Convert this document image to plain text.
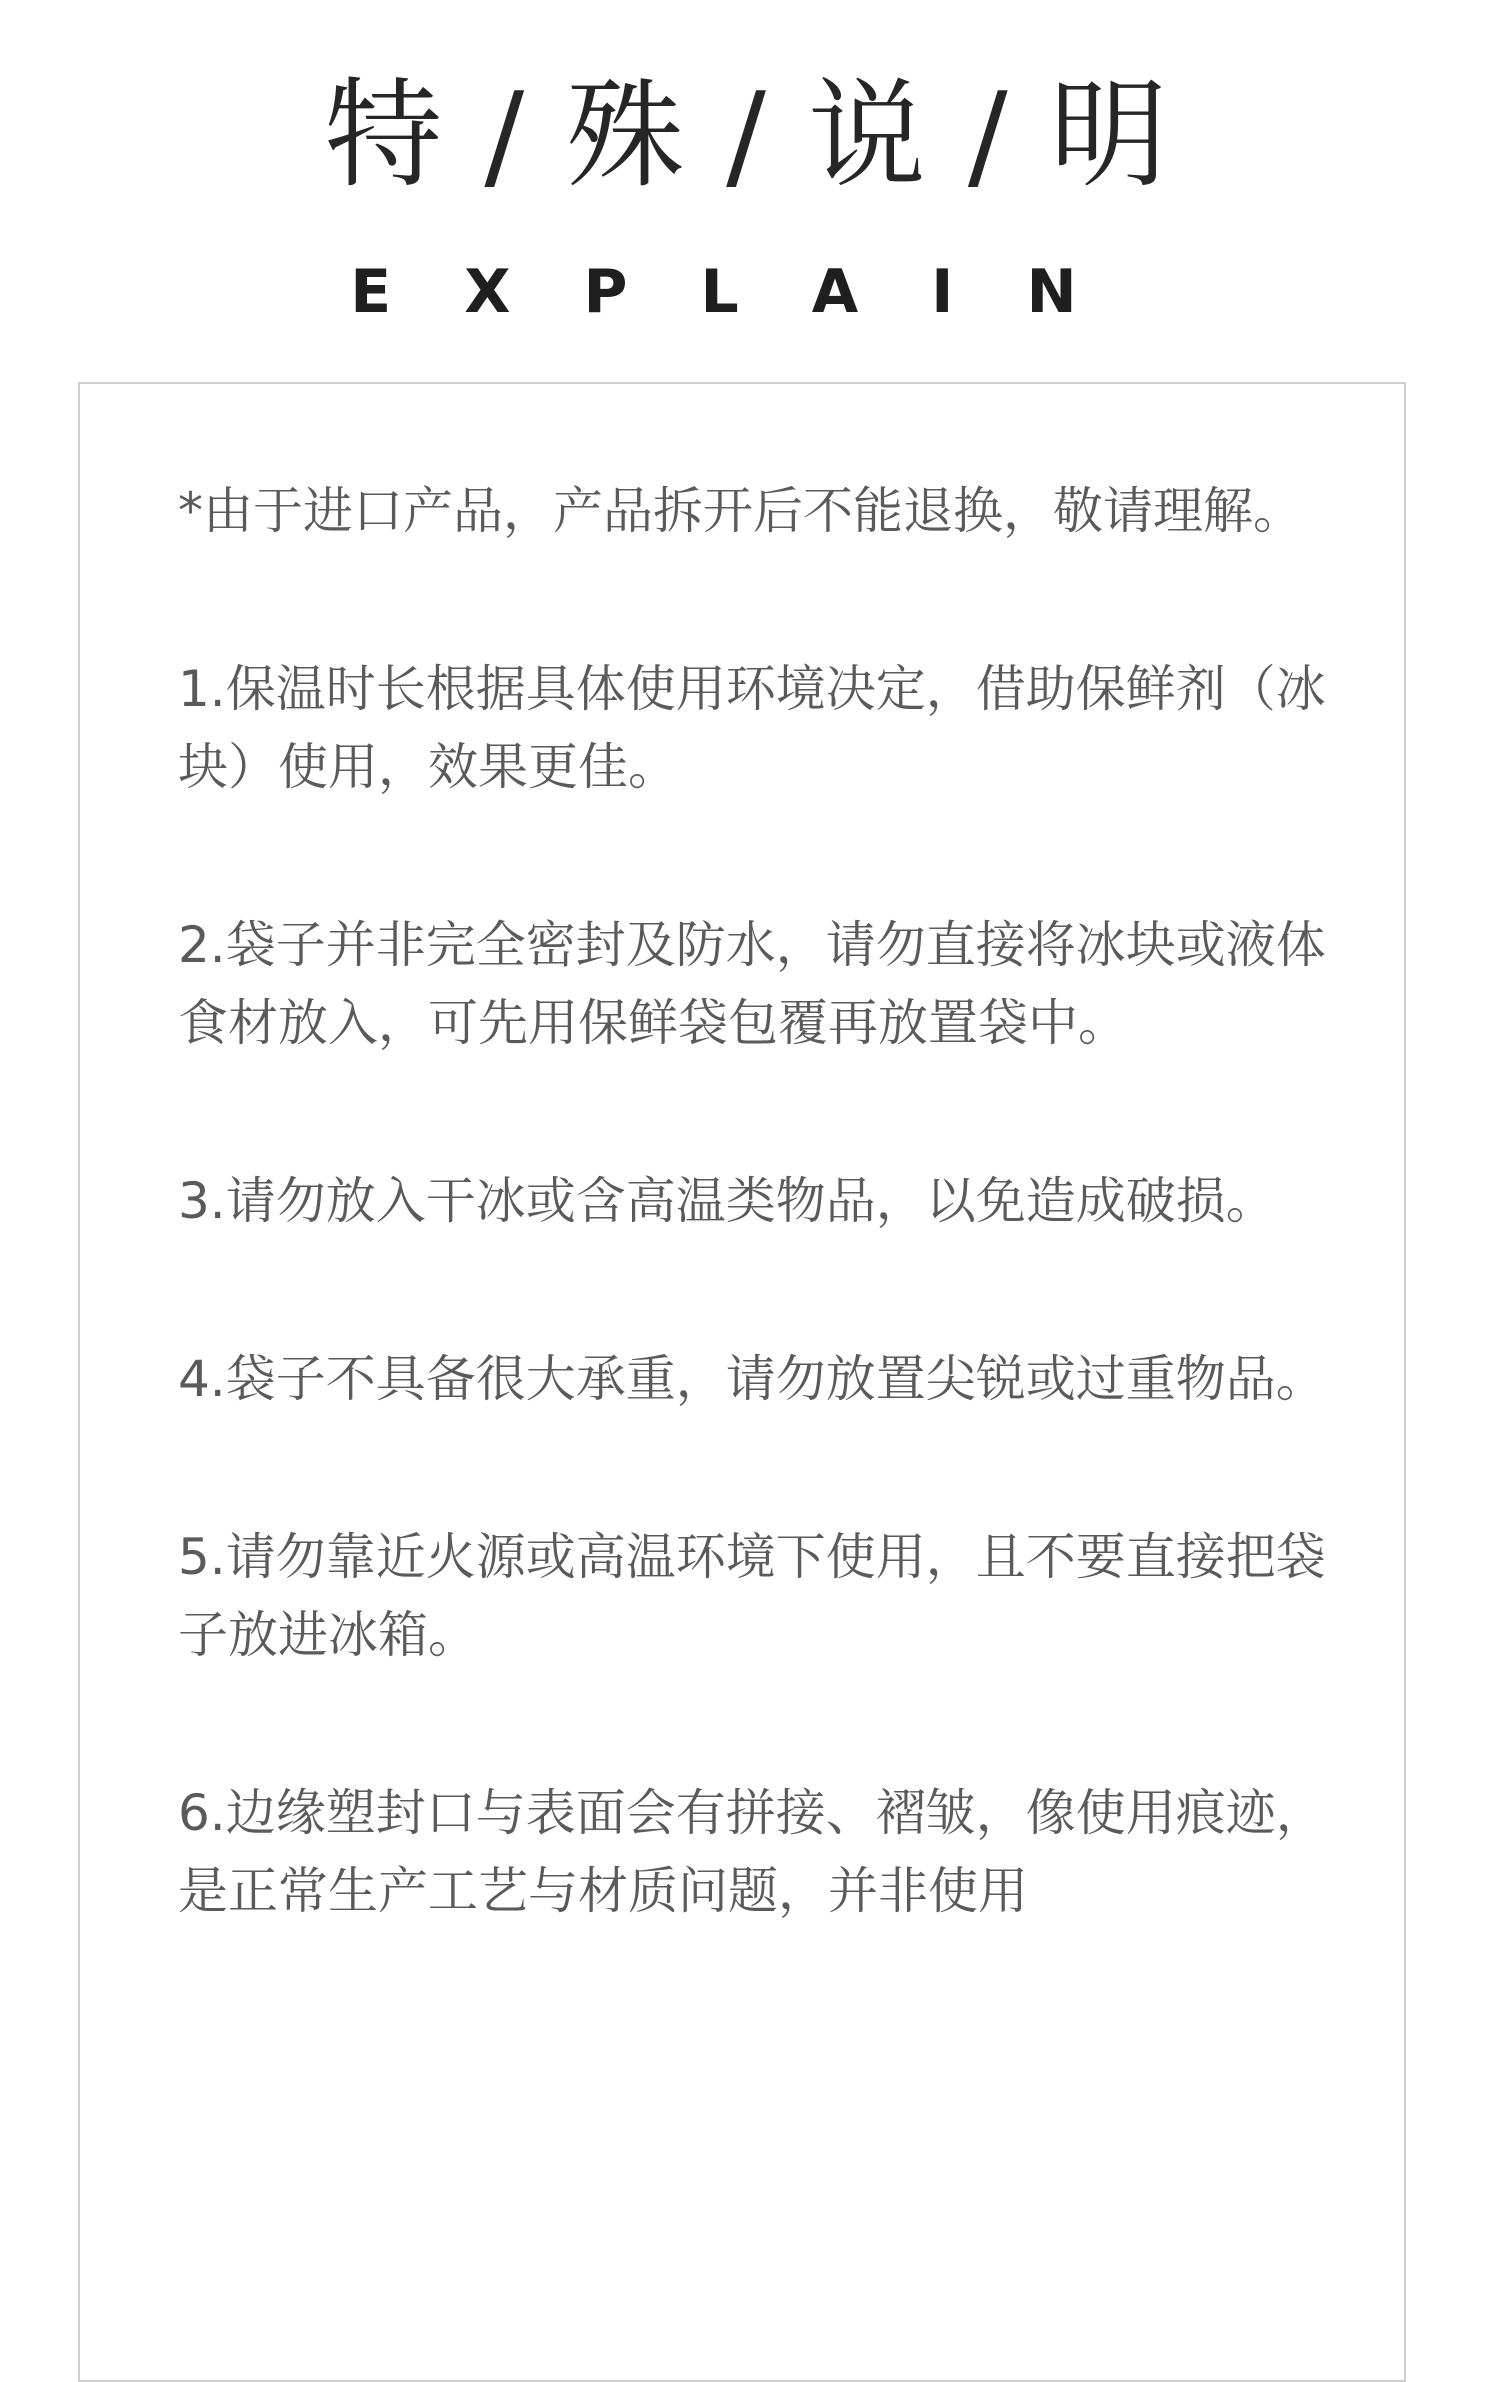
特 / 殊 / 说 / 明
EXPLAIN

*由于进口产品，产品拆开后不能退换，敬请理解。

1.保温时长根据具体使用环境决定，借助保鲜剂（冰块）使用，效果更佳。

2.袋子并非完全密封及防水，请勿直接将冰块或液体食材放入，可先用保鲜袋包覆再放置袋中。

3.请勿放入干冰或含高温类物品，以免造成破损。

4.袋子不具备很大承重，请勿放置尖锐或过重物品。

5.请勿靠近火源或高温环境下使用，且不要直接把袋子放进冰箱。

6.边缘塑封口与表面会有拼接、褶皱，像使用痕迹，是正常生产工艺与材质问题，并非使用
